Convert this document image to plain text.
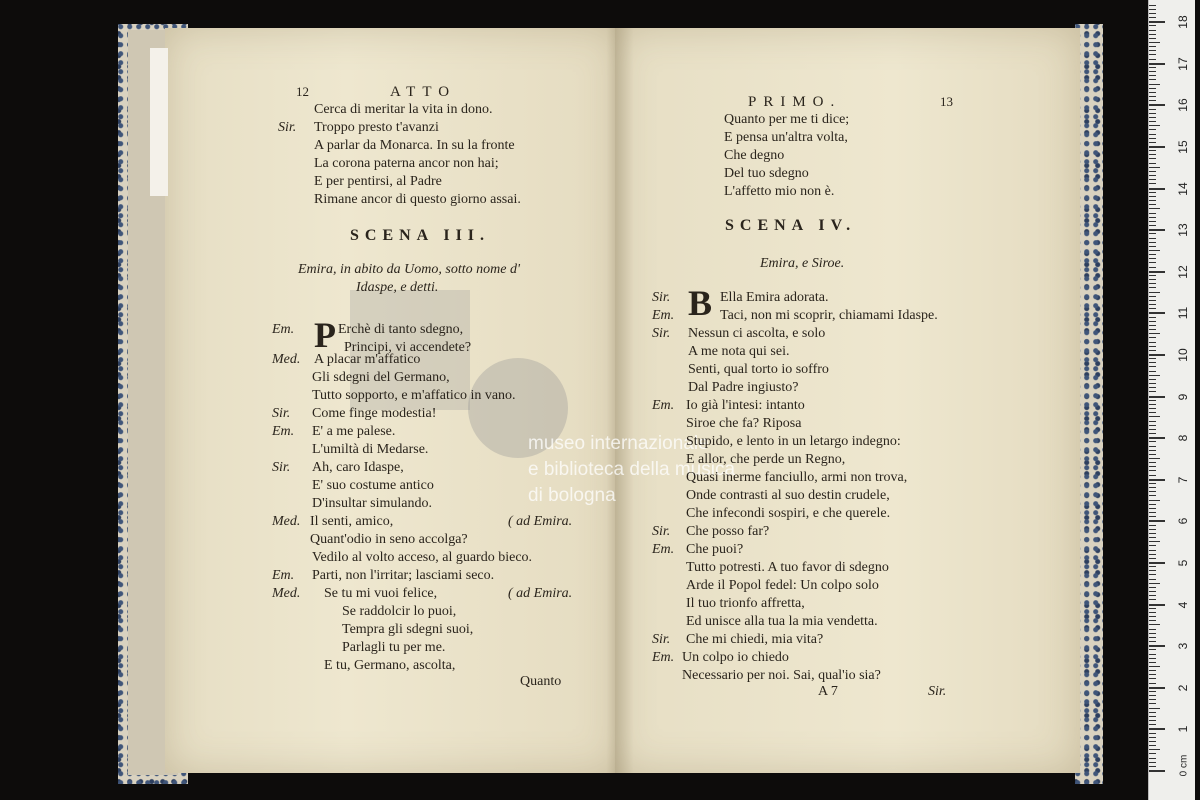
museo internazionale
e biblioteca della musica
di bologna
12	ATTO
Cerca di meritar la vita in dono.
Sir. Troppo presto t'avanzi
A parlar da Monarca. In su la fronte
La corona paterna ancor non hai;
E per pentirsi, al Padre
Rimane ancor di questo giorno assai.
SCENA III.
Emira, in abito da Uomo, sotto nome d'
Idaspe, e detti.
Em. P Erchè di tanto sdegno,
Principi, vi accendete?
Med. A placar m'affatico
Gli sdegni del Germano,
Tutto sopporto, e m'affatico in vano.
Sir. Come finge modestia!
Em. E' a me palese.
L'umiltà di Medarse.
Sir. Ah, caro Idaspe,
E' suo costume antico
D'insultar simulando.
Med. Il senti, amico,	( ad Emira.
Quant'odio in seno accolga?
Vedilo al volto acceso, al guardo bieco.
Em. Parti, non l'irritar; lasciami seco.
Med. Se tu mi vuoi felice,	( ad Emira.
Se raddolcir lo puoi,
Tempra gli sdegni suoi,
Parlagli tu per me.
E tu, Germano, ascolta,
Quanto
PRIMO.	13
Quanto per me ti dice;
E pensa un'altra volta,
Che degno
Del tuo sdegno
L'affetto mio non è.
SCENA IV.
Emira, e Siroe.
Sir. B Ella Emira adorata.
Em.	Taci, non mi scoprir, chiamami Idaspe.
Sir. Nessun ci ascolta, e solo
A me nota qui sei.
Senti, qual torto io soffro
Dal Padre ingiusto?
Em. Io già l'intesi: intanto
Siroe che fa? Riposa
Stupido, e lento in un letargo indegno:
E allor, che perde un Regno,
Quasi inerme fanciullo, armi non trova,
Onde contrasti al suo destin crudele,
Che infecondi sospiri, e che querele.
Sir. Che posso far?
Em. Che puoi?
Tutto potresti. A tuo favor di sdegno
Arde il Popol fedel: Un colpo solo
Il tuo trionfo affretta,
Ed unisce alla tua la mia vendetta.
Sir. Che mi chiedi, mia vita?
Em. Un colpo io chiedo
Necessario per noi. Sai, qual'io sia?
A 7	Sir.
0 cm
1
2
3
4
5
6
7
8
9
10
11
12
13
14
15
16
17
18
